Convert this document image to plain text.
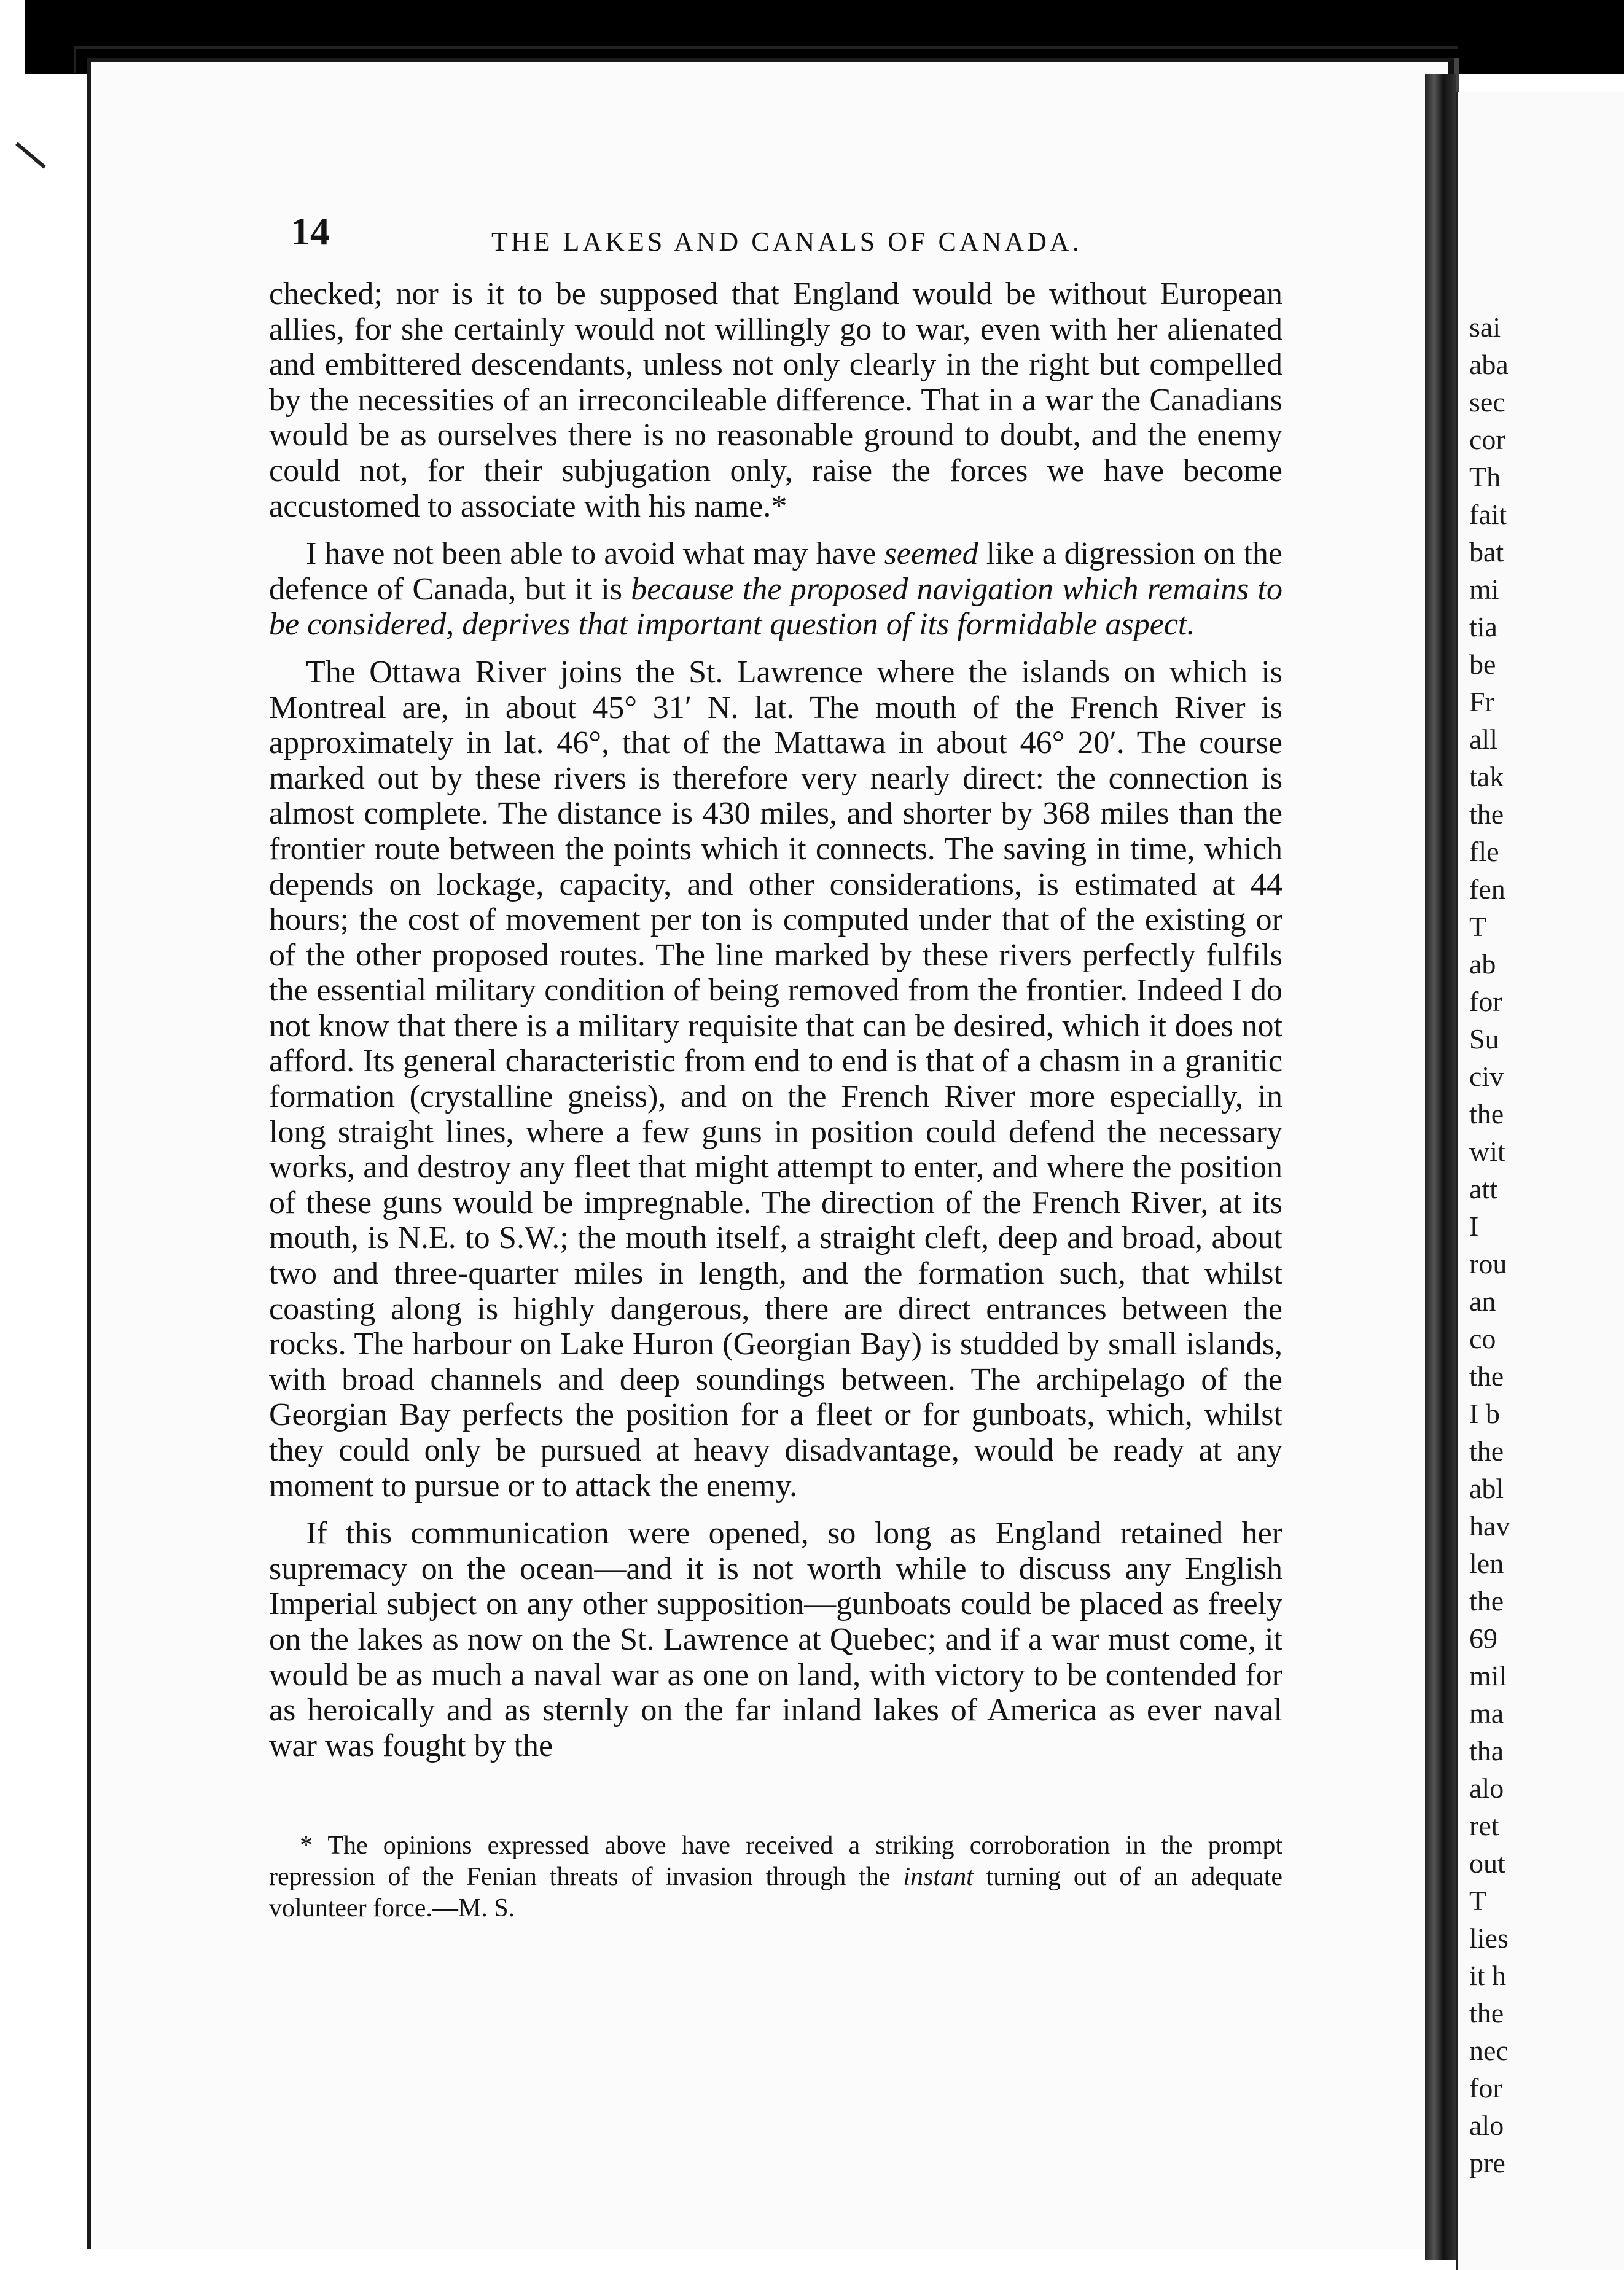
sai
aba
sec
cor
Th
fait
bat
mi
tia
be
Fr
all
tak
the
fle
fen
T
ab
for
Su
civ
the
wit
att
I
rou
an
co
the
I b
the
abl
hav
len
the
69
mil
ma
tha
alo
ret
out
T
lies
it h
the
nec
for
alo
pre
14	THE LAKES AND CANALS OF CANADA.

checked; nor is it to be supposed that England would be without European allies, for she certainly would not willingly go to war, even with her alienated and embittered descendants, unless not only clearly in the right but compelled by the necessities of an irreconcileable difference. That in a war the Canadians would be as ourselves there is no reasonable ground to doubt, and the enemy could not, for their subjugation only, raise the forces we have become accustomed to associate with his name.*

I have not been able to avoid what may have seemed like a digression on the defence of Canada, but it is because the proposed navigation which remains to be considered, deprives that important question of its formidable aspect.

The Ottawa River joins the St. Lawrence where the islands on which is Montreal are, in about 45° 31′ N. lat. The mouth of the French River is approximately in lat. 46°, that of the Mattawa in about 46° 20′. The course marked out by these rivers is therefore very nearly direct: the connection is almost complete. The distance is 430 miles, and shorter by 368 miles than the frontier route between the points which it connects. The saving in time, which depends on lockage, capacity, and other considerations, is estimated at 44 hours; the cost of movement per ton is computed under that of the existing or of the other proposed routes. The line marked by these rivers perfectly fulfils the essential military condition of being removed from the frontier. Indeed I do not know that there is a military requisite that can be desired, which it does not afford. Its general characteristic from end to end is that of a chasm in a granitic formation (crystalline gneiss), and on the French River more especially, in long straight lines, where a few guns in position could defend the necessary works, and destroy any fleet that might attempt to enter, and where the position of these guns would be impregnable. The direction of the French River, at its mouth, is N.E. to S.W.; the mouth itself, a straight cleft, deep and broad, about two and three-quarter miles in length, and the formation such, that whilst coasting along is highly dangerous, there are direct entrances between the rocks. The harbour on Lake Huron (Georgian Bay) is studded by small islands, with broad channels and deep soundings between. The archipelago of the Georgian Bay perfects the position for a fleet or for gunboats, which, whilst they could only be pursued at heavy disadvantage, would be ready at any moment to pursue or to attack the enemy.

If this communication were opened, so long as England retained her supremacy on the ocean—and it is not worth while to discuss any English Imperial subject on any other supposition—gunboats could be placed as freely on the lakes as now on the St. Lawrence at Quebec; and if a war must come, it would be as much a naval war as one on land, with victory to be contended for as heroically and as sternly on the far inland lakes of America as ever naval war was fought by the

* The opinions expressed above have received a striking corroboration in the prompt repression of the Fenian threats of invasion through the instant turning out of an adequate volunteer force.—M. S.
